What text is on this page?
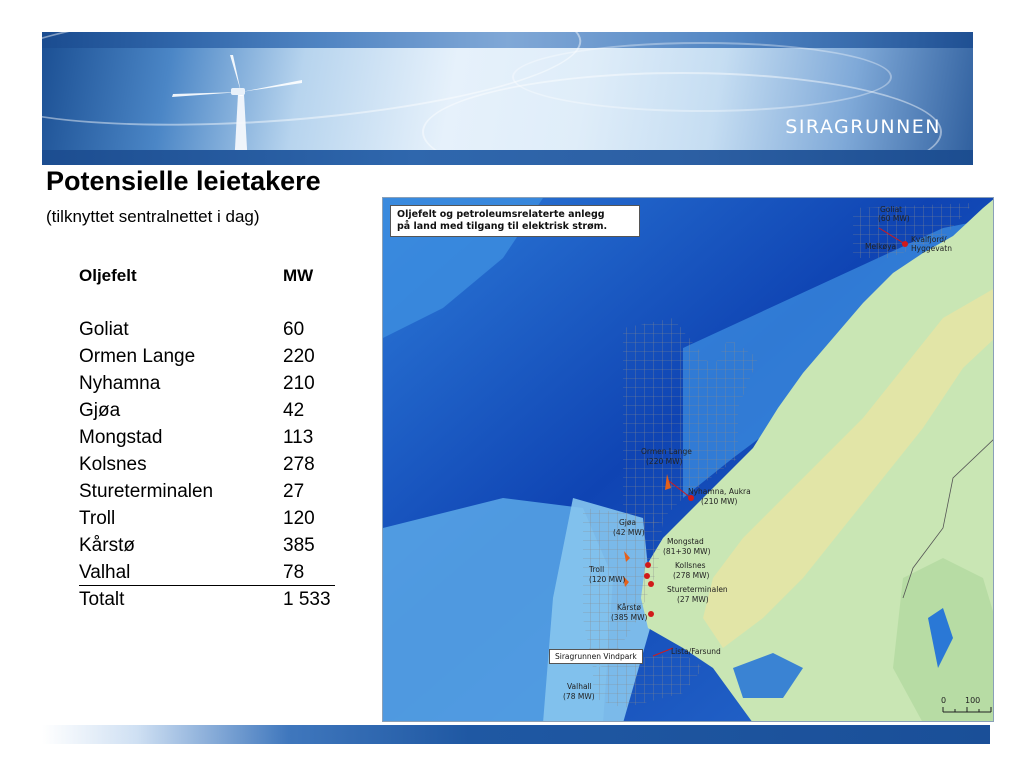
SIRAGRUNNEN
Potensielle leietakere
(tilknyttet sentralnettet i dag)
Oljefelt	MW
Goliat	60
Ormen Lange	220
Nyhamna	210
Gjøa	42
Mongstad	113
Kolsnes	278
Stureterminalen	27
Troll	120
Kårstø	385
Valhal	78
Totalt	1 533
Goliat
(60 MW)
Melkøya
Kvalfjord/
Hyggevatn
Ormen Lange
(220 MW)
Nyhamna, Aukra
(210 MW)
Gjøa
(42 MW)
Mongstad
(81+30 MW)
Troll
(120 MW)
Kollsnes
(278 MW)
Stureterminalen
(27 MW)
Kårstø
(385 MW)
Lista/Farsund
Valhall
(78 MW)	0 100
Oljefelt og petroleumsrelaterte anlegg
på land med tilgang til elektrisk strøm.
Siragrunnen Vindpark
